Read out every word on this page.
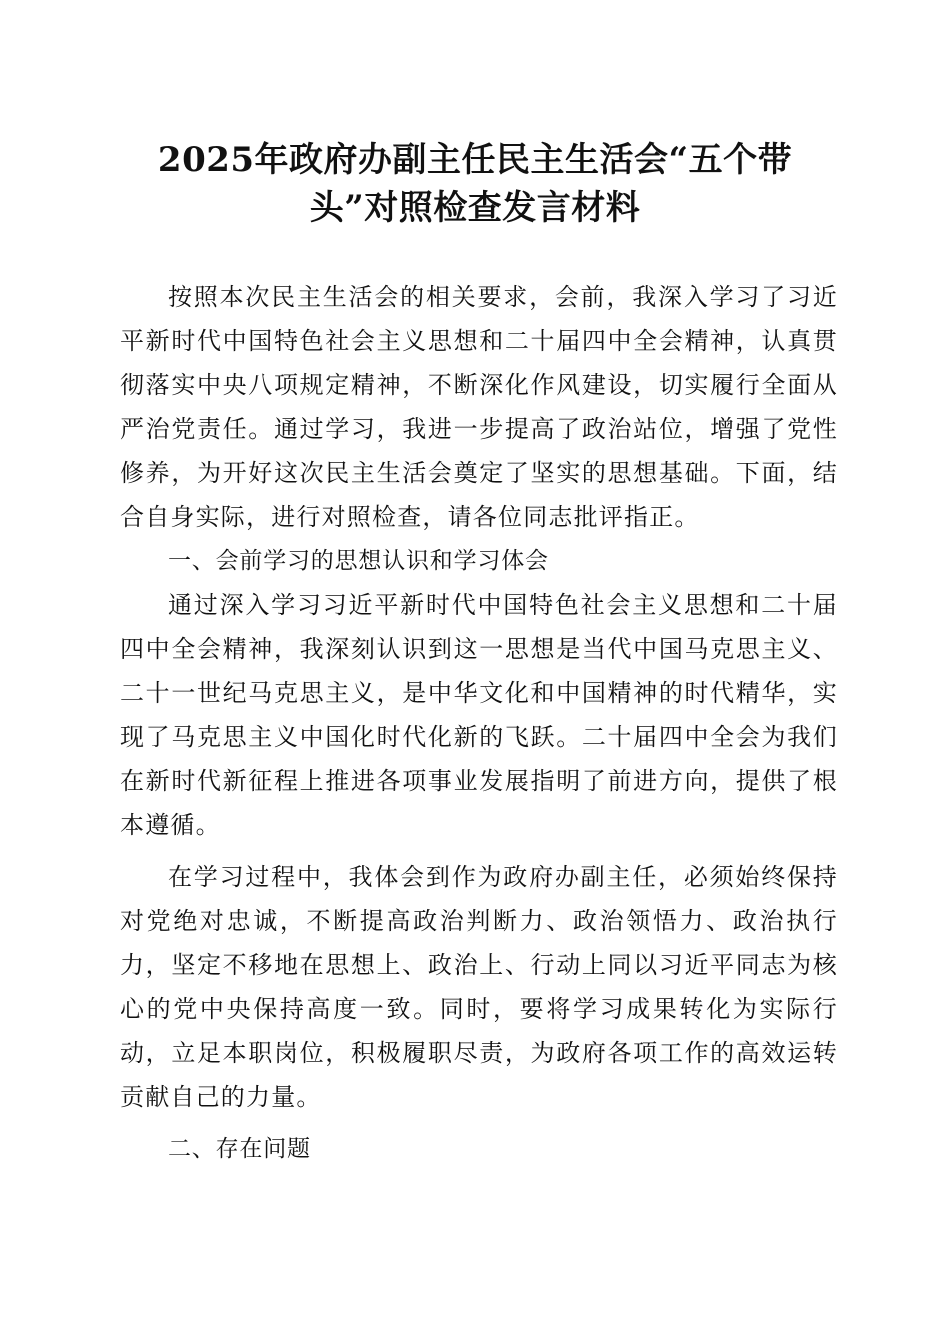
2025年政府办副主任民主生活会“五个带
头”对照检查发言材料

按照本次民主生活会的相关要求，会前，我深入学习了习近平新时代中国特色社会主义思想和二十届四中全会精神，认真贯彻落实中央八项规定精神，不断深化作风建设，切实履行全面从严治党责任。通过学习，我进一步提高了政治站位，增强了党性修养，为开好这次民主生活会奠定了坚实的思想基础。下面，结合自身实际，进行对照检查，请各位同志批评指正。

一、会前学习的思想认识和学习体会

通过深入学习习近平新时代中国特色社会主义思想和二十届四中全会精神，我深刻认识到这一思想是当代中国马克思主义、二十一世纪马克思主义，是中华文化和中国精神的时代精华，实现了马克思主义中国化时代化新的飞跃。二十届四中全会为我们在新时代新征程上推进各项事业发展指明了前进方向，提供了根本遵循。

在学习过程中，我体会到作为政府办副主任，必须始终保持对党绝对忠诚，不断提高政治判断力、政治领悟力、政治执行力，坚定不移地在思想上、政治上、行动上同以习近平同志为核心的党中央保持高度一致。同时，要将学习成果转化为实际行动，立足本职岗位，积极履职尽责，为政府各项工作的高效运转贡献自己的力量。

二、存在问题
